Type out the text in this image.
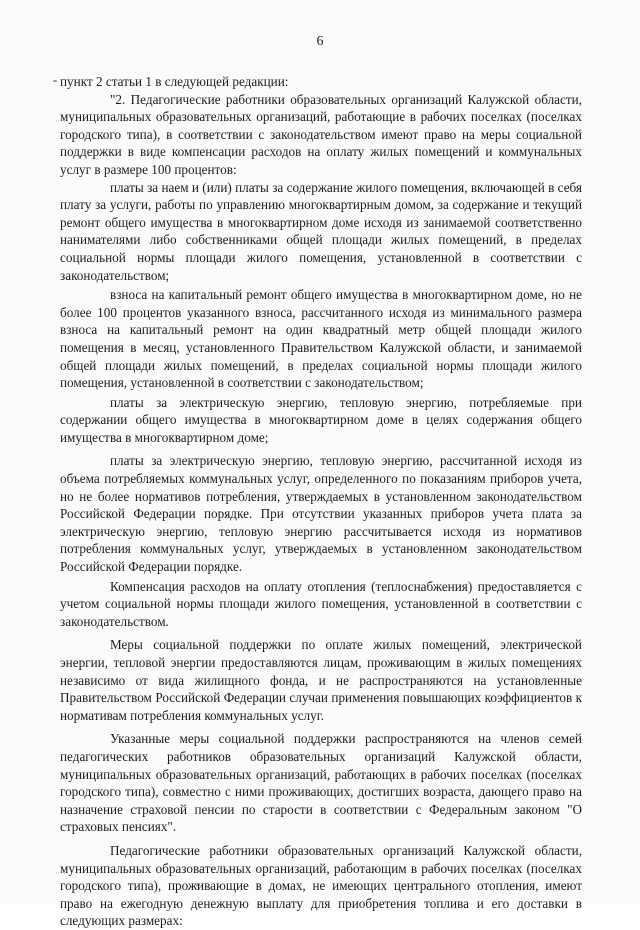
6

пункт 2 статьи 1 в следующей редакции:

"2. Педагогические работники образовательных организаций Калужской области, муниципальных образовательных организаций, работающие в рабочих поселках (поселках городского типа), в соответствии с законодательством имеют право на меры социальной поддержки в виде компенсации расходов на оплату жилых помещений и коммунальных услуг в размере 100 процентов:

платы за наем и (или) платы за содержание жилого помещения, включающей в себя плату за услуги, работы по управлению многоквартирным домом, за содержание и текущий ремонт общего имущества в многоквартирном доме исходя из занимаемой соответственно нанимателями либо собственниками общей площади жилых помещений, в пределах социальной нормы площади жилого помещения, установленной в соответствии с законодательством;

взноса на капитальный ремонт общего имущества в многоквартирном доме, но не более 100 процентов указанного взноса, рассчитанного исходя из минимального размера взноса на капитальный ремонт на один квадратный метр общей площади жилого помещения в месяц, установленного Правительством Калужской области, и занимаемой общей площади жилых помещений, в пределах социальной нормы площади жилого помещения, установленной в соответствии с законодательством;

платы за электрическую энергию, тепловую энергию, потребляемые при содержании общего имущества в многоквартирном доме в целях содержания общего имущества в многоквартирном доме;

платы за электрическую энергию, тепловую энергию, рассчитанной исходя из объема потребляемых коммунальных услуг, определенного по показаниям приборов учета, но не более нормативов потребления, утверждаемых в установленном законодательством Российской Федерации порядке. При отсутствии указанных приборов учета плата за электрическую энергию, тепловую энергию рассчитывается исходя из нормативов потребления коммунальных услуг, утверждаемых в установленном законодательством Российской Федерации порядке.

Компенсация расходов на оплату отопления (теплоснабжения) предоставляется с учетом социальной нормы площади жилого помещения, установленной в соответствии с законодательством.

Меры социальной поддержки по оплате жилых помещений, электрической энергии, тепловой энергии предоставляются лицам, проживающим в жилых помещениях независимо от вида жилищного фонда, и не распространяются на установленные Правительством Российской Федерации случаи применения повышающих коэффициентов к нормативам потребления коммунальных услуг.

Указанные меры социальной поддержки распространяются на членов семей педагогических работников образовательных организаций Калужской области, муниципальных образовательных организаций, работающих в рабочих поселках (поселках городского типа), совместно с ними проживающих, достигших возраста, дающего право на назначение страховой пенсии по старости в соответствии с Федеральным законом "О страховых пенсиях".

Педагогические работники образовательных организаций Калужской области, муниципальных образовательных организаций, работающим в рабочих поселках (поселках городского типа), проживающие в домах, не имеющих центрального отопления, имеют право на ежегодную денежную выплату для приобретения топлива и его доставки в следующих размерах:
